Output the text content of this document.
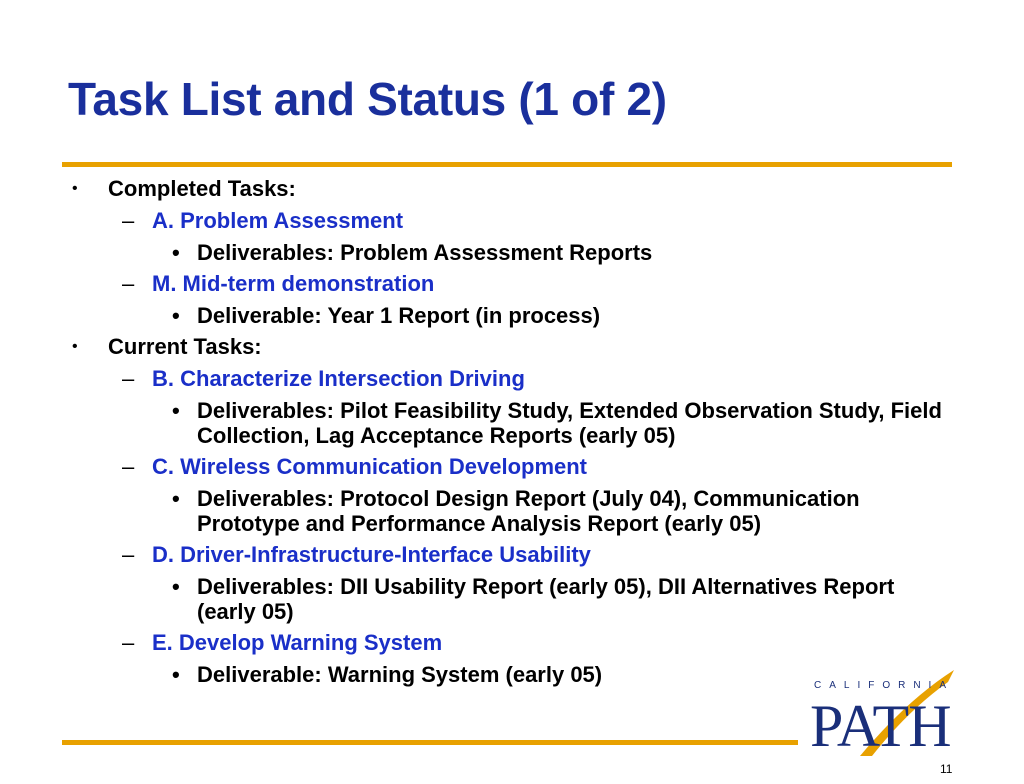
Task List and Status (1 of 2)
• Completed Tasks:
– A. Problem Assessment
• Deliverables: Problem Assessment Reports
– M. Mid-term demonstration
• Deliverable: Year 1 Report (in process)
• Current Tasks:
– B. Characterize Intersection Driving
• Deliverables: Pilot Feasibility Study, Extended Observation Study, Field Collection, Lag Acceptance Reports (early 05)
– C. Wireless Communication Development
• Deliverables: Protocol Design Report (July 04), Communication Prototype and Performance Analysis Report (early 05)
– D. Driver-Infrastructure-Interface Usability
• Deliverables: DII Usability Report (early 05), DII Alternatives Report (early 05)
– E. Develop Warning System
• Deliverable: Warning System (early 05)	CALIFORNIA
PATH
11
